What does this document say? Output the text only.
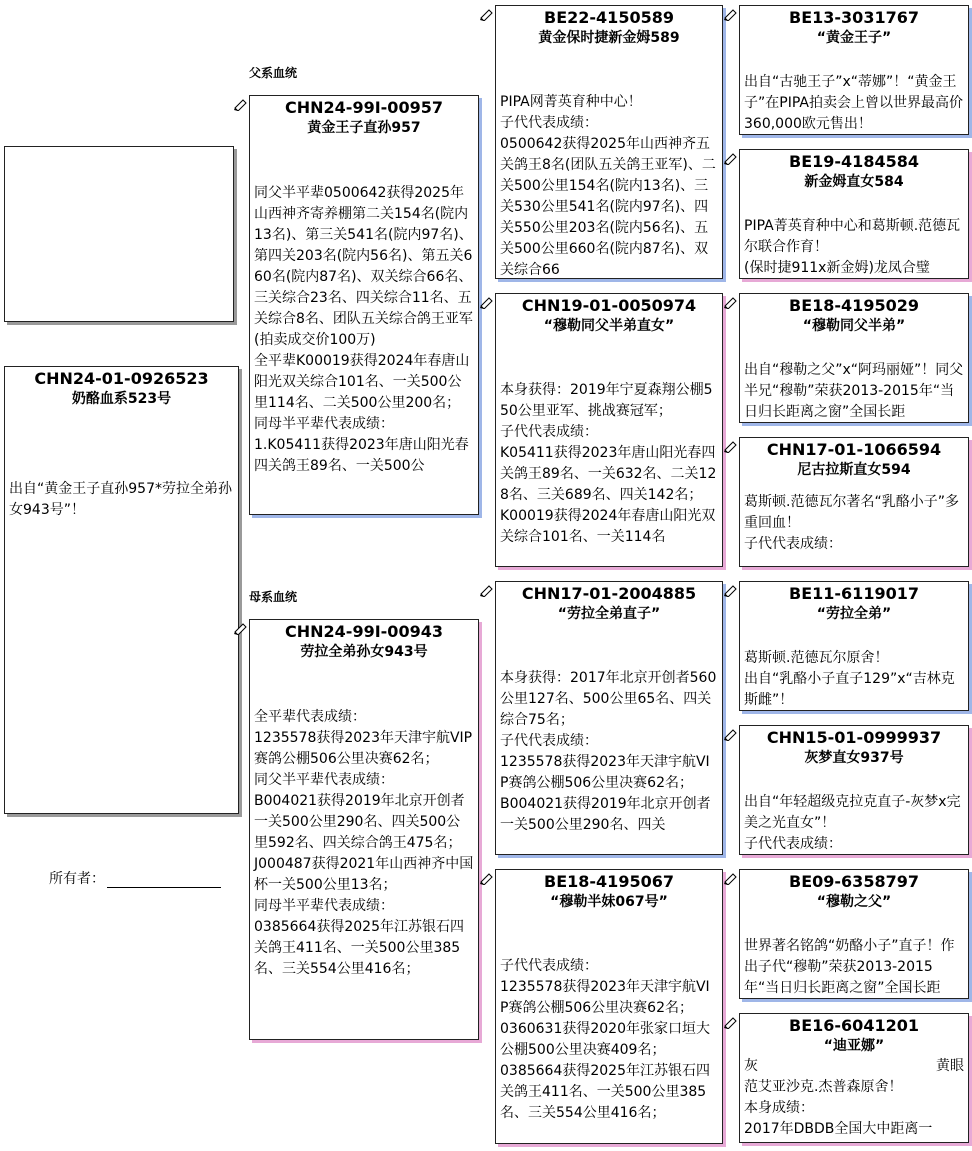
父系血统
母系血统
CHN24-01-0926523
奶酪血系523号
出自“黄金王子直孙957*劳拉全弟孙女943号”！
所有者：
CHN24-99I-00957
黄金王子直孙957
同父半平辈0500642获得2025年山西神齐寄养棚第二关154名(院内13名)、第三关541名(院内97名)、第四关203名(院内56名)、第五关660名(院内87名)、双关综合66名、三关综合23名、四关综合11名、五关综合8名、团队五关综合鸽王亚军(拍卖成交价100万)
全平辈K00019获得2024年春唐山阳光双关综合101名、一关500公里114名、二关500公里200名；
同母半平辈代表成绩：
1.K05411获得2023年唐山阳光春四关鸽王89名、一关500公
CHN24-99I-00943
劳拉全弟孙女943号
全平辈代表成绩：
1235578获得2023年天津宇航VIP赛鸽公棚506公里决赛62名；
同父半平辈代表成绩：
B004021获得2019年北京开创者一关500公里290名、四关500公里592名、四关综合鸽王475名；
J000487获得2021年山西神齐中国杯一关500公里13名；
同母半平辈代表成绩：
0385664获得2025年江苏银石四关鸽王411名、一关500公里385名、三关554公里416名；
BE22-4150589
黄金保时捷新金姆589
PIPA网菁英育种中心！
子代代表成绩：
0500642获得2025年山西神齐五关鸽王8名(团队五关鸽王亚军)、二关500公里154名(院内13名)、三关530公里541名(院内97名)、四关550公里203名(院内56名)、五关500公里660名(院内87名)、双关综合66
CHN19-01-0050974
“穆勒同父半弟直女”
本身获得：2019年宁夏森翔公棚550公里亚军、挑战赛冠军；
子代代表成绩：
K05411获得2023年唐山阳光春四关鸽王89名、一关632名、二关128名、三关689名、四关142名；
K00019获得2024年春唐山阳光双关综合101名、一关114名
CHN17-01-2004885
“劳拉全弟直子”
本身获得：2017年北京开创者560公里127名、500公里65名、四关综合75名；
子代代表成绩：
1235578获得2023年天津宇航VIP赛鸽公棚506公里决赛62名；
B004021获得2019年北京开创者一关500公里290名、四关
BE18-4195067
“穆勒半妹067号”
子代代表成绩：
1235578获得2023年天津宇航VIP赛鸽公棚506公里决赛62名；
0360631获得2020年张家口垣大公棚500公里决赛409名；
0385664获得2025年江苏银石四关鸽王411名、一关500公里385名、三关554公里416名；
BE13-3031767
“黄金王子”
出自“古驰王子”x“蒂娜”！“黄金王子”在PIPA拍卖会上曾以世界最高价360,000欧元售出！
BE19-4184584
新金姆直女584
PIPA菁英育种中心和葛斯顿.范德瓦尔联合作育！
(保时捷911x新金姆)龙凤合璧
BE18-4195029
“穆勒同父半弟”
出自“穆勒之父”x“阿玛丽娅”！同父半兄“穆勒”荣获2013-2015年“当日归长距离之窗”全国长距
CHN17-01-1066594
尼古拉斯直女594
葛斯顿.范德瓦尔著名“乳酪小子”多重回血！
子代代表成绩：
BE11-6119017
“劳拉全弟”
葛斯顿.范德瓦尔原舍！
出自“乳酪小子直子129”x“吉林克斯雌”！
CHN15-01-0999937
灰梦直女937号
出自“年轻超级克拉克直子-灰梦x完美之光直女”！
子代代表成绩：
BE09-6358797
“穆勒之父”
世界著名铭鸽“奶酪小子”直子！作出子代“穆勒”荣获2013-2015年“当日归长距离之窗”全国长距
BE16-6041201
“迪亚娜”
灰	黄眼
范艾亚沙克.杰普森原舍！
本身成绩：
2017年DBDB全国大中距离一
